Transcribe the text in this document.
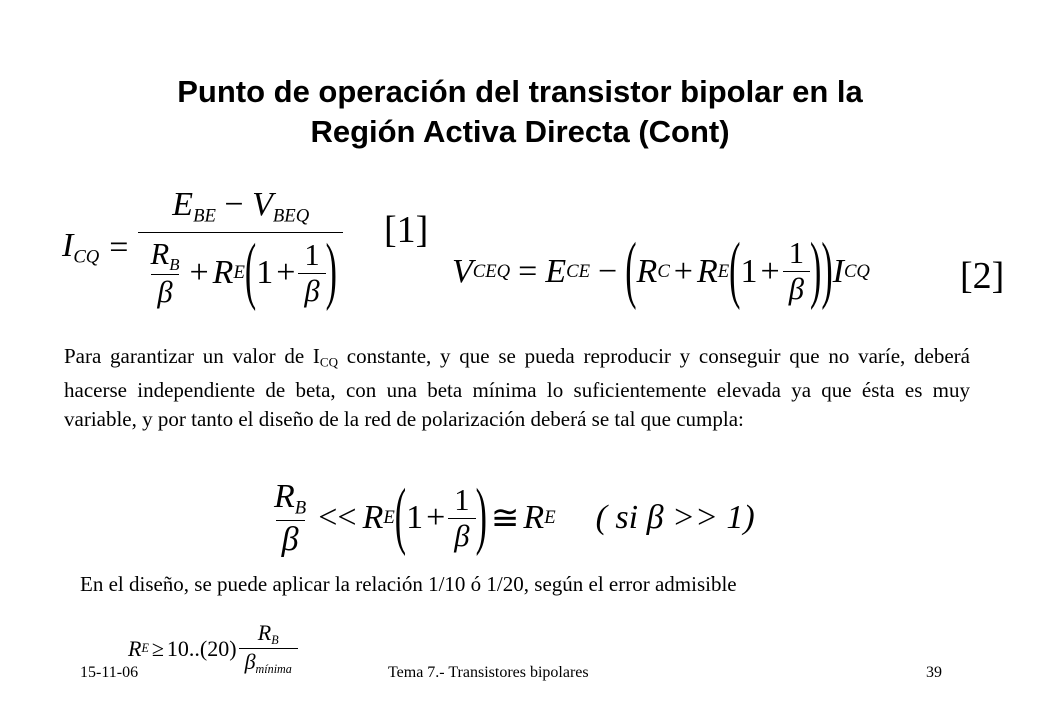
Punto de operación del transistor bipolar en la
Región Activa Directa (Cont)
$I_{CQ}$ =
$E_{BE} - V_{BEQ}$
$\frac{R_B}{\beta} + R$ E ( $1 + \frac{1}{\beta}$ )
[1]
V CEQ = E CE − ( R C + R E ( $1 + \frac{1}{\beta}$ ) ) I CQ [2]
Para garantizar un valor de ICQ constante, y que se pueda reproducir y conseguir que no varíe, deberá hacerse independiente de beta, con una beta mínima lo suficientemente elevada ya que ésta es muy variable, y por tanto el diseño de la red de polarización deberá se tal que cumpla:
$\frac{R_B}{\beta} << R$ E ( $1 + \frac{1}{\beta}$ ) ≅ R E ( si β >> 1)
En el diseño, se puede aplicar la relación 1/10 ó 1/20, según el error admisible
R $E \ge 10..(20) \frac{R_B}{\beta_{mínima}}$
15-11-06	Tema 7.- Transistores bipolares	39
